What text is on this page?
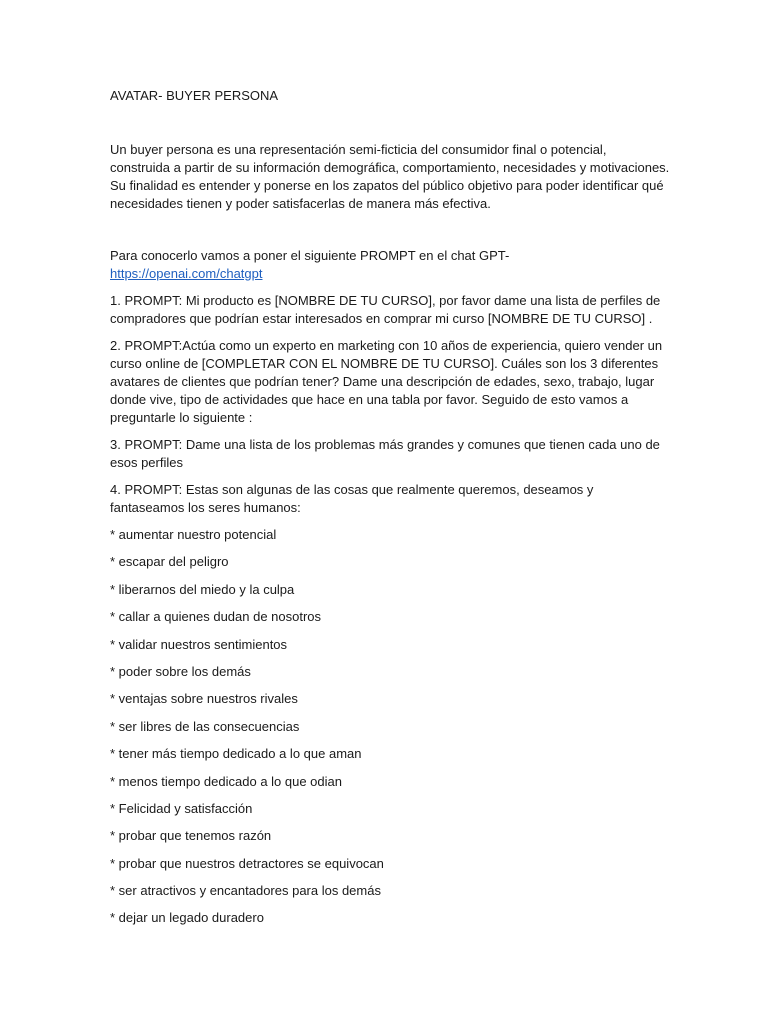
AVATAR- BUYER PERSONA

Un buyer persona es una representación semi-ficticia del consumidor final o potencial, construida a partir de su información demográfica, comportamiento, necesidades y motivaciones. Su finalidad es entender y ponerse en los zapatos del público objetivo para poder identificar qué necesidades tienen y poder satisfacerlas de manera más efectiva.

Para conocerlo vamos a poner el siguiente PROMPT en el chat GPT-

https://openai.com/chatgpt

1. PROMPT: Mi producto es [NOMBRE DE TU CURSO], por favor dame una lista de perfiles de compradores que podrían estar interesados en comprar mi curso [NOMBRE DE TU CURSO] .

2. PROMPT:Actúa como un experto en marketing con 10 años de experiencia, quiero vender un curso online de [COMPLETAR CON EL NOMBRE DE TU CURSO]. Cuáles son los 3 diferentes avatares de clientes que podrían tener? Dame una descripción de edades, sexo, trabajo, lugar donde vive, tipo de actividades que hace en una tabla por favor. Seguido de esto vamos a preguntarle lo siguiente :

3. PROMPT: Dame una lista de los problemas más grandes y comunes que tienen cada uno de esos perfiles

4. PROMPT: Estas son algunas de las cosas que realmente queremos, deseamos y fantaseamos los seres humanos:

* aumentar nuestro potencial
* escapar del peligro
* liberarnos del miedo y la culpa
* callar a quienes dudan de nosotros
* validar nuestros sentimientos
* poder sobre los demás
* ventajas sobre nuestros rivales
* ser libres de las consecuencias
* tener más tiempo dedicado a lo que aman
* menos tiempo dedicado a lo que odian
* Felicidad y satisfacción
* probar que tenemos razón
* probar que nuestros detractores se equivocan
* ser atractivos y encantadores para los demás
* dejar un legado duradero
